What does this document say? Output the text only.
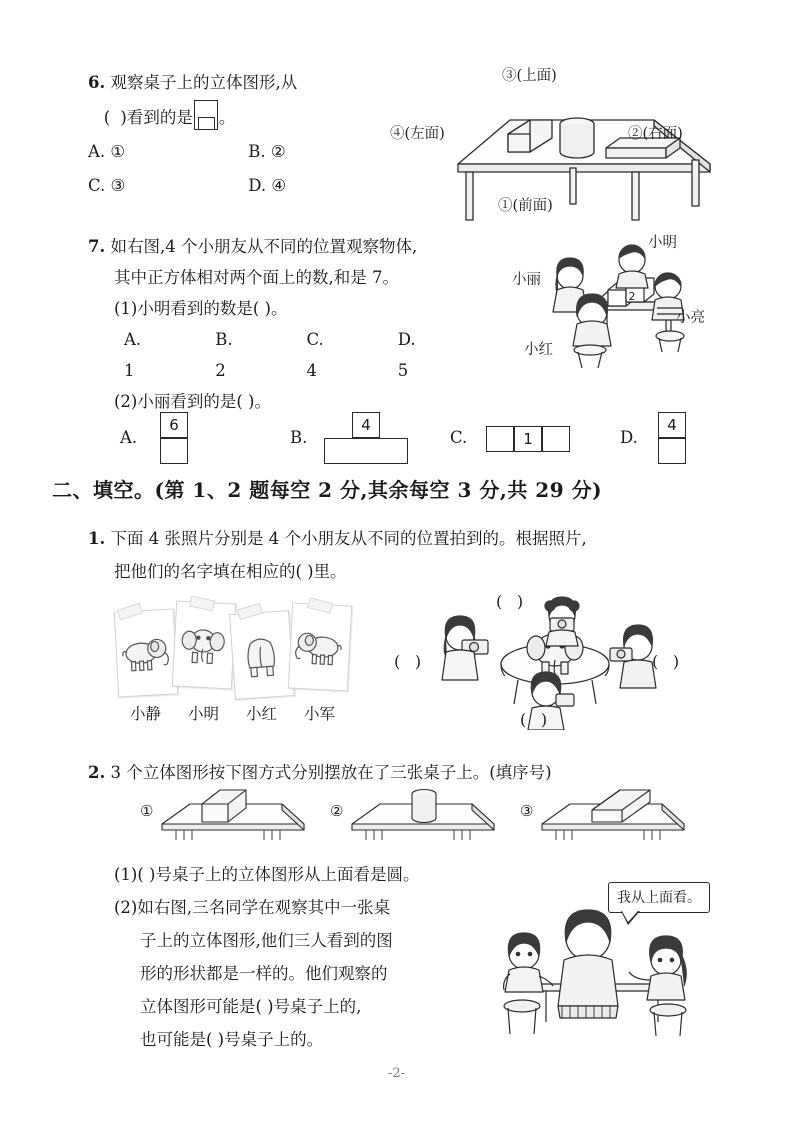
6. 观察桌子上的立体图形,从
( )看到的是 。
A. ①	B. ②
C. ③	D. ④
③(上面)
④(左面)	②(右面)
①(前面)
7. 如右图,4 个小朋友从不同的位置观察物体,
其中正方体相对两个面上的数,和是 7。
(1)小明看到的数是( )。
A. 1 B. 2 C. 4 D. 5
(2)小丽看到的是( )。
小明
小丽
小亮
小红
2
A.
6
B.
4
C.	1	D.
4
二、填空。(第 1、2 题每空 2 分,其余每空 3 分,共 29 分)
1. 下面 4 张照片分别是 4 个小朋友从不同的位置拍到的。根据照片,
把他们的名字填在相应的( )里。
小静 小明 小红 小军
( )
( )	( )
( )
2. 3 个立体图形按下图方式分别摆放在了三张桌子上。(填序号)
①	②	③
(1)( )号桌子上的立体图形从上面看是圆。
(2)如右图,三名同学在观察其中一张桌
子上的立体图形,他们三人看到的图
形的形状都是一样的。他们观察的
立体图形可能是( )号桌子上的,
也可能是( )号桌子上的。
我从上面看。
-2-
